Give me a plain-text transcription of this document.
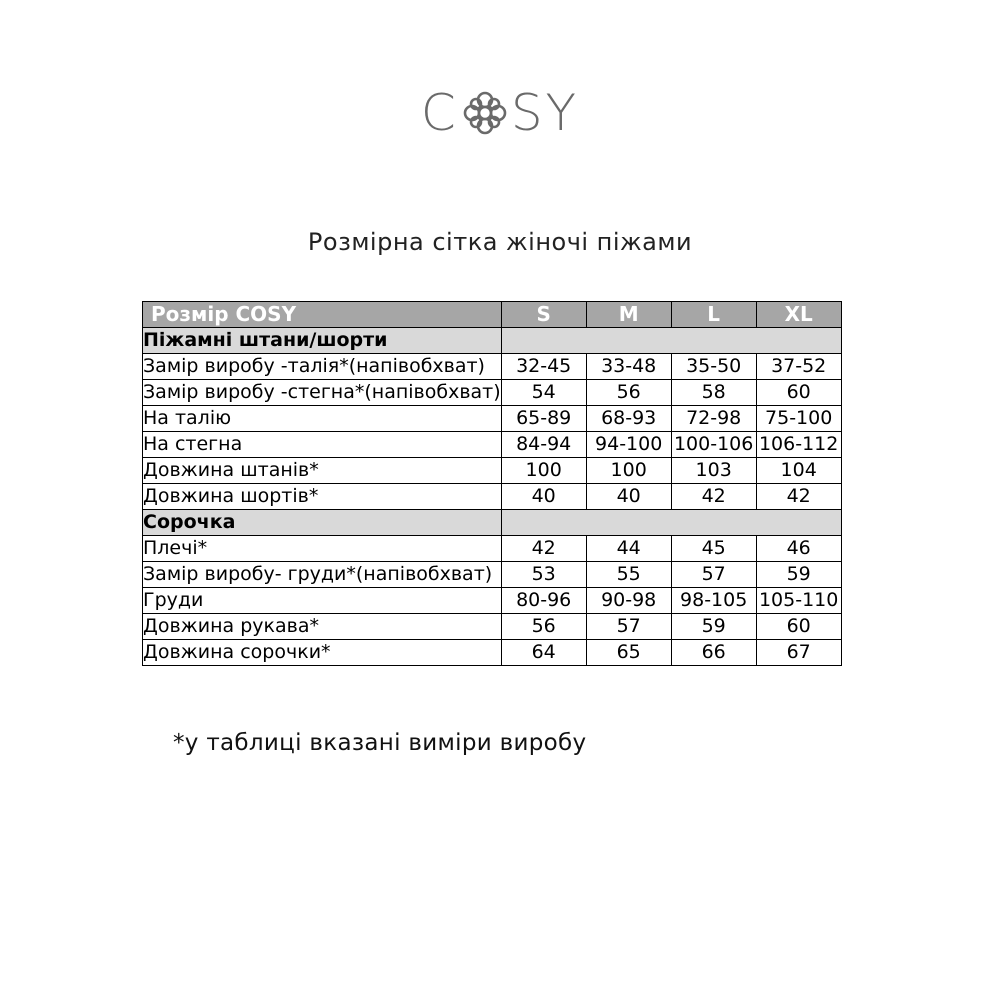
C SY
Розмірна сітка жіночі піжами
Розмір COSY	S	M	L	XL
Піжамні штани/шорти				
Замір виробу -талія*(напівобхват)	32-45	33-48	35-50	37-52
Замір виробу -стегна*(напівобхват)	54	56	58	60
На талію	65-89	68-93	72-98	75-100
На стегна	84-94	94-100	100-106	106-112
Довжина штанів*	100	100	103	104
Довжина шортів*	40	40	42	42
Сорочка				
Плечі*	42	44	45	46
Замір виробу- груди*(напівобхват)	53	55	57	59
Груди	80-96	90-98	98-105	105-110
Довжина рукава*	56	57	59	60
Довжина сорочки*	64	65	66	67
*у таблиці вказані виміри виробу
